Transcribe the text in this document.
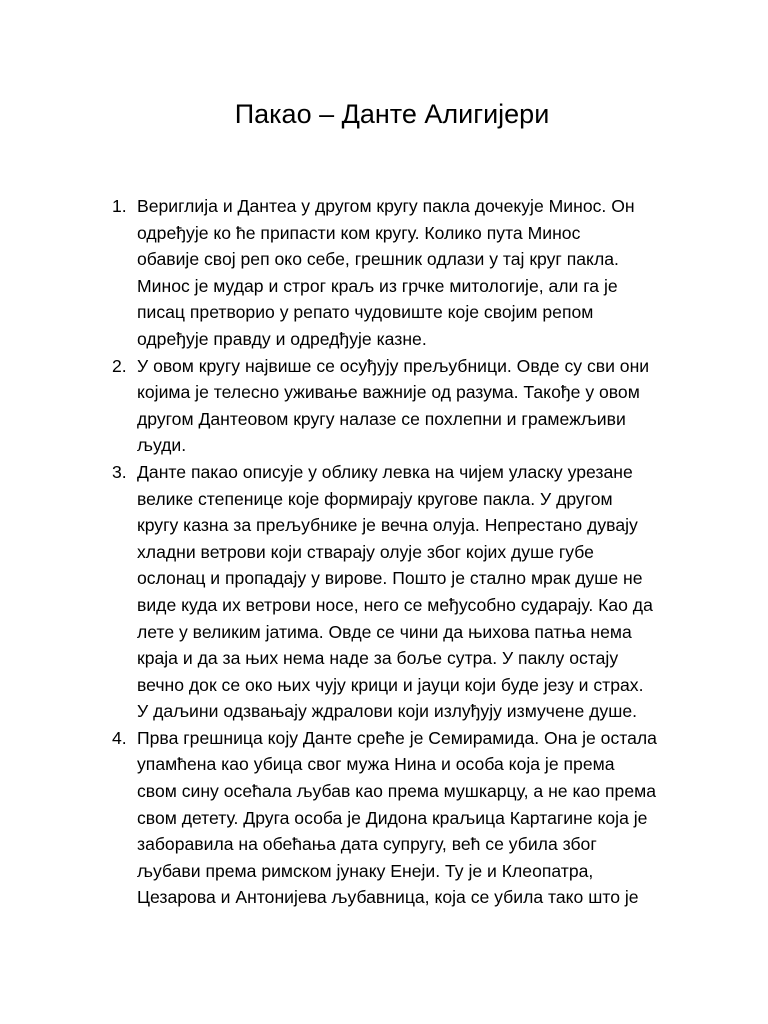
Пакао – Данте Алигијери
1. Вериглија и Дантеа у другом кругу пакла дочекује Минос. Он
одређује ко ће припасти ком кругу. Колико пута Минос
обавије свој реп око себе, грешник одлази у тај круг пакла.
Минос је мудар и строг краљ из грчке митологије, али га је
писац претворио у репато чудовиште које својим репом
одређује правду и одредђује казне.
2. У овом кругу највише се осуђују прељубници. Овде су сви они
којима је телесно уживање важније од разума. Такође у овом
другом Дантеовом кругу налазе се похлепни и грамежљиви
људи.
3. Данте пакао описује у облику левка на чијем уласку урезане
велике степенице које формирају кругове пакла. У другом
кругу казна за прељубнике је вечна олуја. Непрестано дувају
хладни ветрови који стварају олује због којих душе губе
ослонац и пропадају у вирове. Пошто је стално мрак душе не
виде куда их ветрови носе, него се међусобно сударају. Као да
лете у великим јатима. Овде се чини да њихова патња нема
краја и да за њих нема наде за боље сутра. У паклу остају
вечно док се око њих чују крици и јауци који буде језу и страх.
У даљини одзвањају ждралови који излуђују измучене душе.
4. Прва грешница коју Данте среће је Семирамида. Она је остала
упамћена као убица свог мужа Нина и особа која је према
свом сину осећала љубав као према мушкарцу, а не као према
свом детету. Друга особа је Дидона краљица Картагине која је
заборавила на обећања дата супругу, већ се убила због
љубави према римском јунаку Енеји. Ту је и Клеопатра,
Цезарова и Антонијева љубавница, која се убила тако што је
